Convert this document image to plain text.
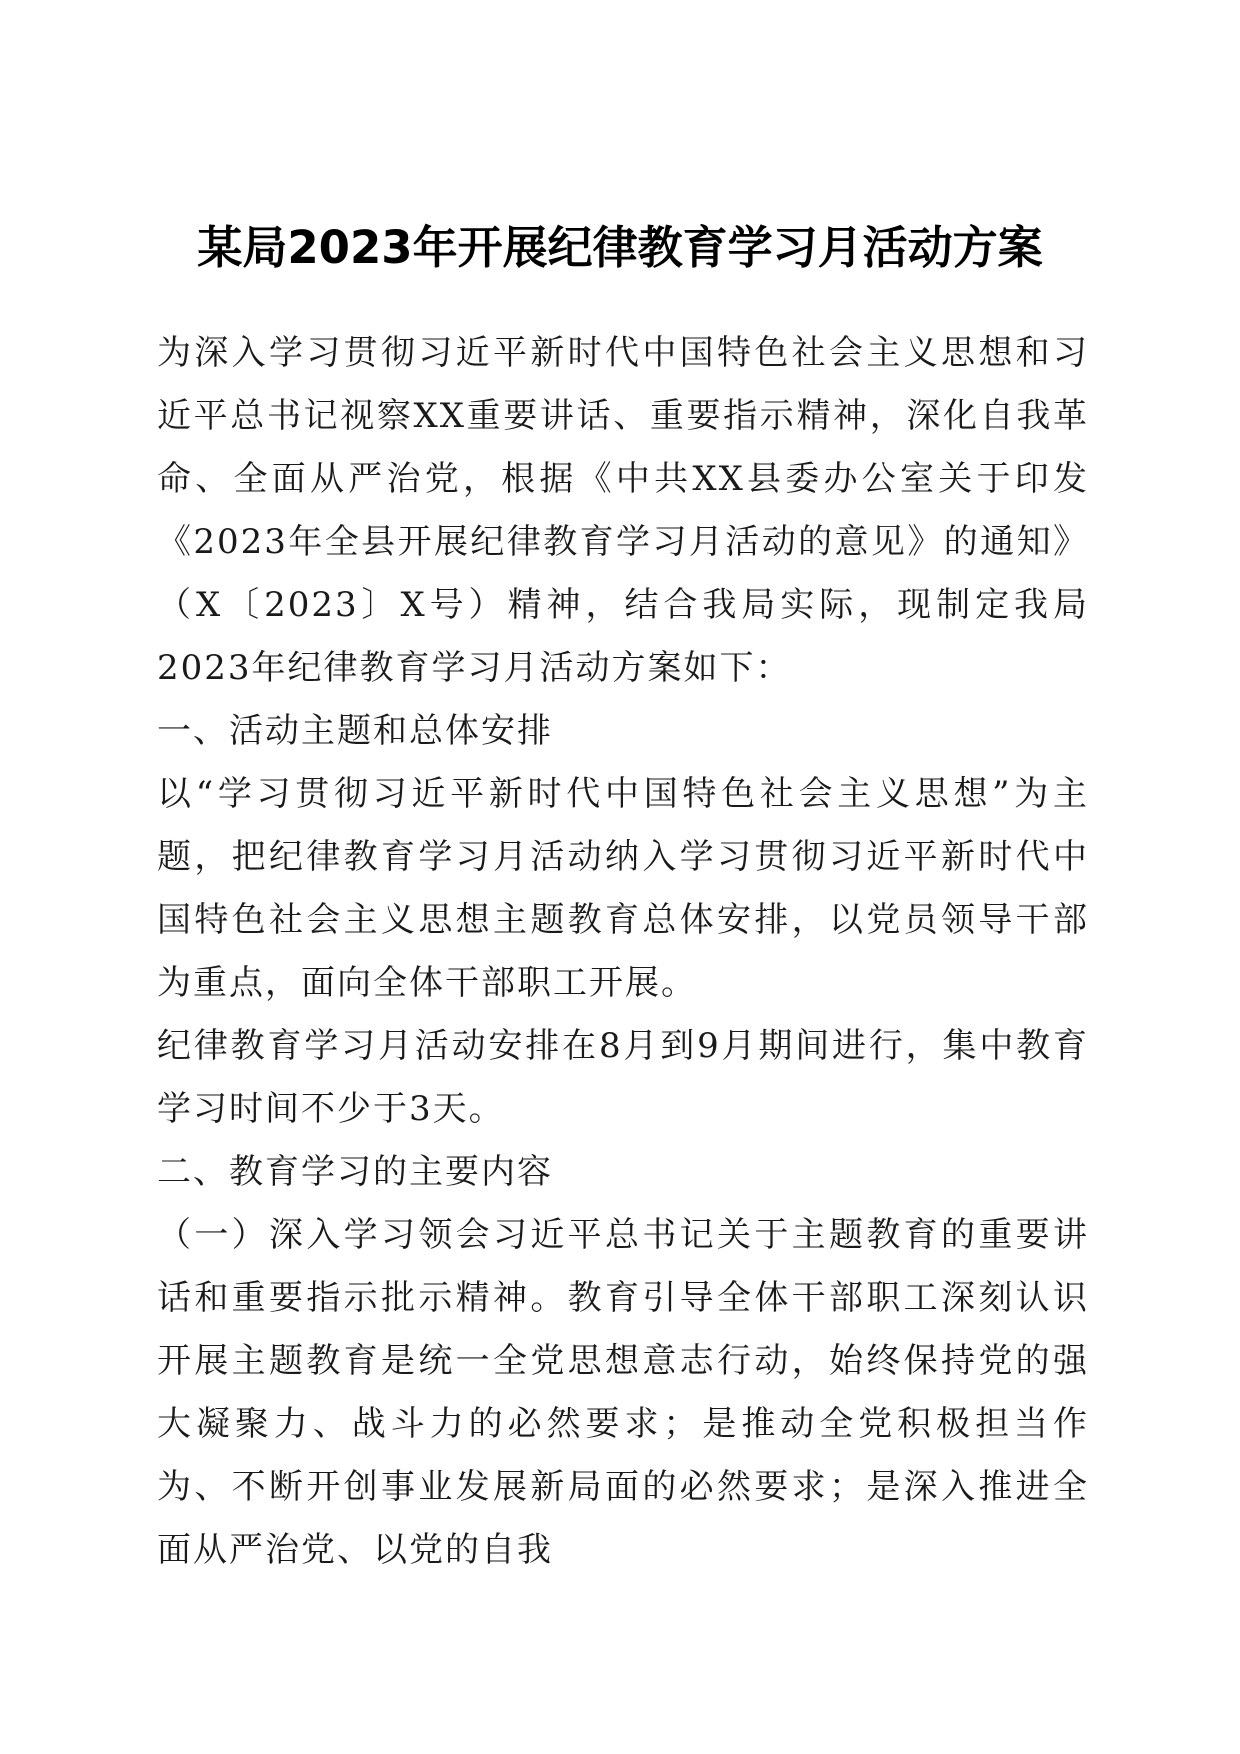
某局2023年开展纪律教育学习月活动方案

为深入学习贯彻习近平新时代中国特色社会主义思想和习近平总书记视察XX重要讲话、重要指示精神，深化自我革命、全面从严治党，根据《中共XX县委办公室关于印发《2023年全县开展纪律教育学习月活动的意见》的通知》（X〔2023〕X号）精神，结合我局实际，现制定我局2023年纪律教育学习月活动方案如下：

一、活动主题和总体安排

以“学习贯彻习近平新时代中国特色社会主义思想”为主题，把纪律教育学习月活动纳入学习贯彻习近平新时代中国特色社会主义思想主题教育总体安排，以党员领导干部为重点，面向全体干部职工开展。

纪律教育学习月活动安排在8月到9月期间进行，集中教育学习时间不少于3天。

二、教育学习的主要内容

（一）深入学习领会习近平总书记关于主题教育的重要讲话和重要指示批示精神。教育引导全体干部职工深刻认识开展主题教育是统一全党思想意志行动，始终保持党的强大凝聚力、战斗力的必然要求；是推动全党积极担当作为、不断开创事业发展新局面的必然要求；是深入推进全面从严治党、以党的自我
